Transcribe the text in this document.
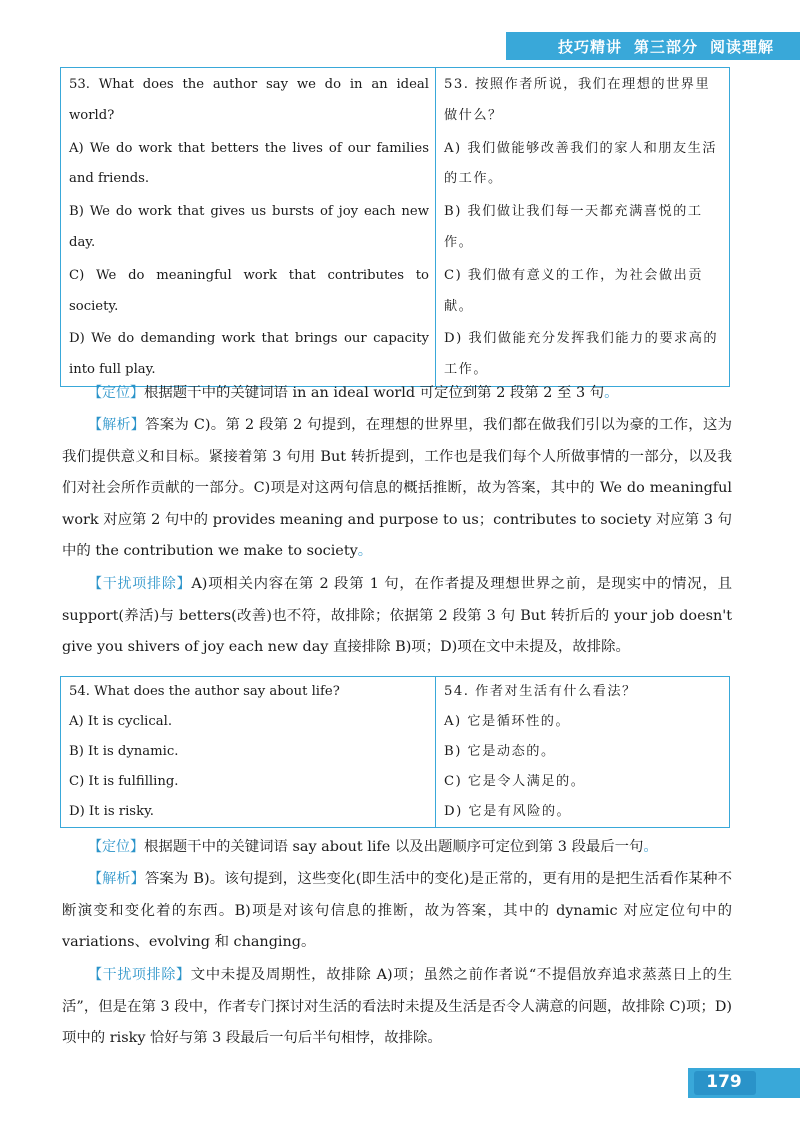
技巧精讲 第三部分 阅读理解
53. What does the author say we do in an ideal world?	53. 按照作者所说，我们在理想的世界里做什么？
A) We do work that betters the lives of our families and friends.	A) 我们做能够改善我们的家人和朋友生活的工作。
B) We do work that gives us bursts of joy each new day.	B) 我们做让我们每一天都充满喜悦的工作。
C) We do meaningful work that contributes to society.	C) 我们做有意义的工作，为社会做出贡献。
D) We do demanding work that brings our capacity into full play.	D) 我们做能充分发挥我们能力的要求高的工作。

【定位】根据题干中的关键词语 in an ideal world 可定位到第 2 段第 2 至 3 句。

【解析】答案为 C)。第 2 段第 2 句提到，在理想的世界里，我们都在做我们引以为豪的工作，这为我们提供意义和目标。紧接着第 3 句用 But 转折提到，工作也是我们每个人所做事情的一部分，以及我们对社会所作贡献的一部分。C)项是对这两句信息的概括推断，故为答案，其中的 We do meaningful work 对应第 2 句中的 provides meaning and purpose to us；contributes to society 对应第 3 句中的 the contribution we make to society。

【干扰项排除】A)项相关内容在第 2 段第 1 句，在作者提及理想世界之前，是现实中的情况，且 support(养活)与 betters(改善)也不符，故排除；依据第 2 段第 3 句 But 转折后的 your job doesn't give you shivers of joy each new day 直接排除 B)项；D)项在文中未提及，故排除。

54. What does the author say about life?	54. 作者对生活有什么看法？
A) It is cyclical.	A) 它是循环性的。
B) It is dynamic.	B) 它是动态的。
C) It is fulfilling.	C) 它是令人满足的。
D) It is risky.	D) 它是有风险的。

【定位】根据题干中的关键词语 say about life 以及出题顺序可定位到第 3 段最后一句。

【解析】答案为 B)。该句提到，这些变化(即生活中的变化)是正常的，更有用的是把生活看作某种不断演变和变化着的东西。B)项是对该句信息的推断，故为答案，其中的 dynamic 对应定位句中的 variations、evolving 和 changing。

【干扰项排除】文中未提及周期性，故排除 A)项；虽然之前作者说“不提倡放弃追求蒸蒸日上的生活”，但是在第 3 段中，作者专门探讨对生活的看法时未提及生活是否令人满意的问题，故排除 C)项；D)项中的 risky 恰好与第 3 段最后一句后半句相悖，故排除。

179
